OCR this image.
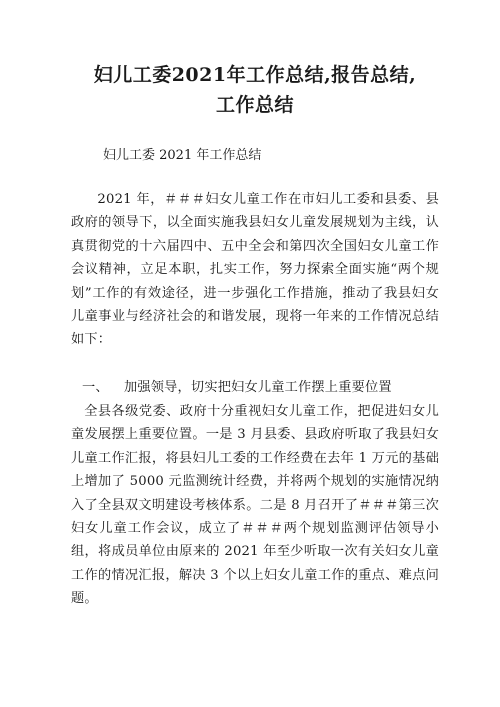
妇儿工委2021年工作总结,报告总结,
工作总结
妇儿工委 2021 年工作总结

2021 年，＃＃＃妇女儿童工作在市妇儿工委和县委、县政府的领导下，以全面实施我县妇女儿童发展规划为主线，认真贯彻党的十六届四中、五中全会和第四次全国妇女儿童工作会议精神，立足本职，扎实工作，努力探索全面实施“两个规划”工作的有效途径，进一步强化工作措施，推动了我县妇女儿童事业与经济社会的和谐发展，现将一年来的工作情况总结如下：

一、 加强领导，切实把妇女儿童工作摆上重要位置

全县各级党委、政府十分重视妇女儿童工作，把促进妇女儿童发展摆上重要位置。一是 3 月县委、县政府听取了我县妇女儿童工作汇报，将县妇儿工委的工作经费在去年 1 万元的基础上增加了 5000 元监测统计经费，并将两个规划的实施情况纳入了全县双文明建设考核体系。二是 8 月召开了＃＃＃第三次妇女儿童工作会议，成立了＃＃＃两个规划监测评估领导小组，将成员单位由原来的 2021 年至少听取一次有关妇女儿童工作的情况汇报，解决 3 个以上妇女儿童工作的重点、难点问题。
